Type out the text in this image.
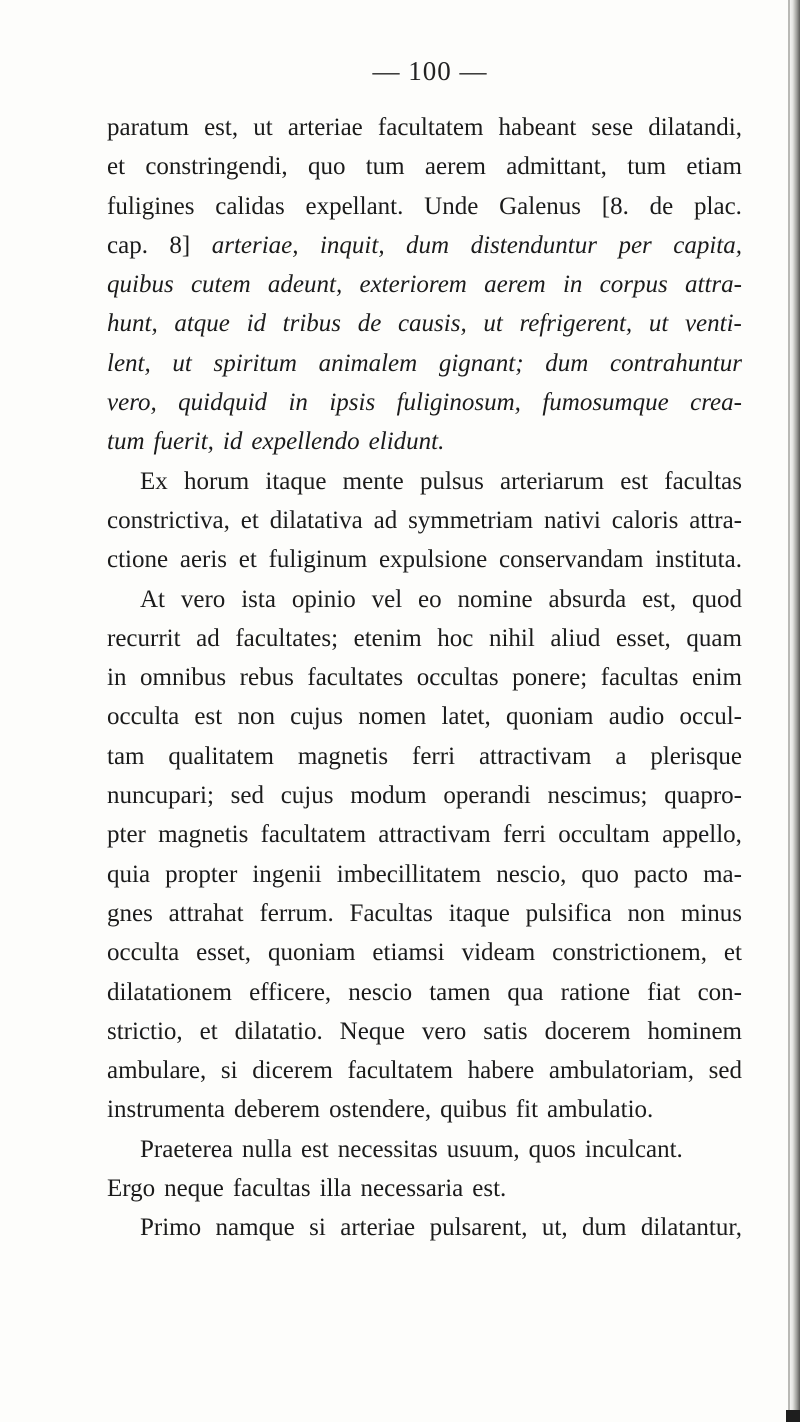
— 100 —
paratum est, ut arteriae facultatem habeant sese dilatandi,
et constringendi, quo tum aerem admittant, tum etiam
fuligines calidas expellant. Unde Galenus [8. de plac.
cap. 8] arteriae, inquit, dum distenduntur per capita,
quibus cutem adeunt, exteriorem aerem in corpus attra-
hunt, atque id tribus de causis, ut refrigerent, ut venti-
lent, ut spiritum animalem gignant; dum contrahuntur
vero, quidquid in ipsis fuliginosum, fumosumque crea-
tum fuerit, id expellendo elidunt.
Ex horum itaque mente pulsus arteriarum est facultas
constrictiva, et dilatativa ad symmetriam nativi caloris attra-
ctione aeris et fuliginum expulsione conservandam instituta.
At vero ista opinio vel eo nomine absurda est, quod
recurrit ad facultates; etenim hoc nihil aliud esset, quam
in omnibus rebus facultates occultas ponere; facultas enim
occulta est non cujus nomen latet, quoniam audio occul-
tam qualitatem magnetis ferri attractivam a plerisque
nuncupari; sed cujus modum operandi nescimus; quapro-
pter magnetis facultatem attractivam ferri occultam appello,
quia propter ingenii imbecillitatem nescio, quo pacto ma-
gnes attrahat ferrum. Facultas itaque pulsifica non minus
occulta esset, quoniam etiamsi videam constrictionem, et
dilatationem efficere, nescio tamen qua ratione fiat con-
strictio, et dilatatio. Neque vero satis docerem hominem
ambulare, si dicerem facultatem habere ambulatoriam, sed
instrumenta deberem ostendere, quibus fit ambulatio.
Praeterea nulla est necessitas usuum, quos inculcant.
Ergo neque facultas illa necessaria est.
Primo namque si arteriae pulsarent, ut, dum dilatantur,
